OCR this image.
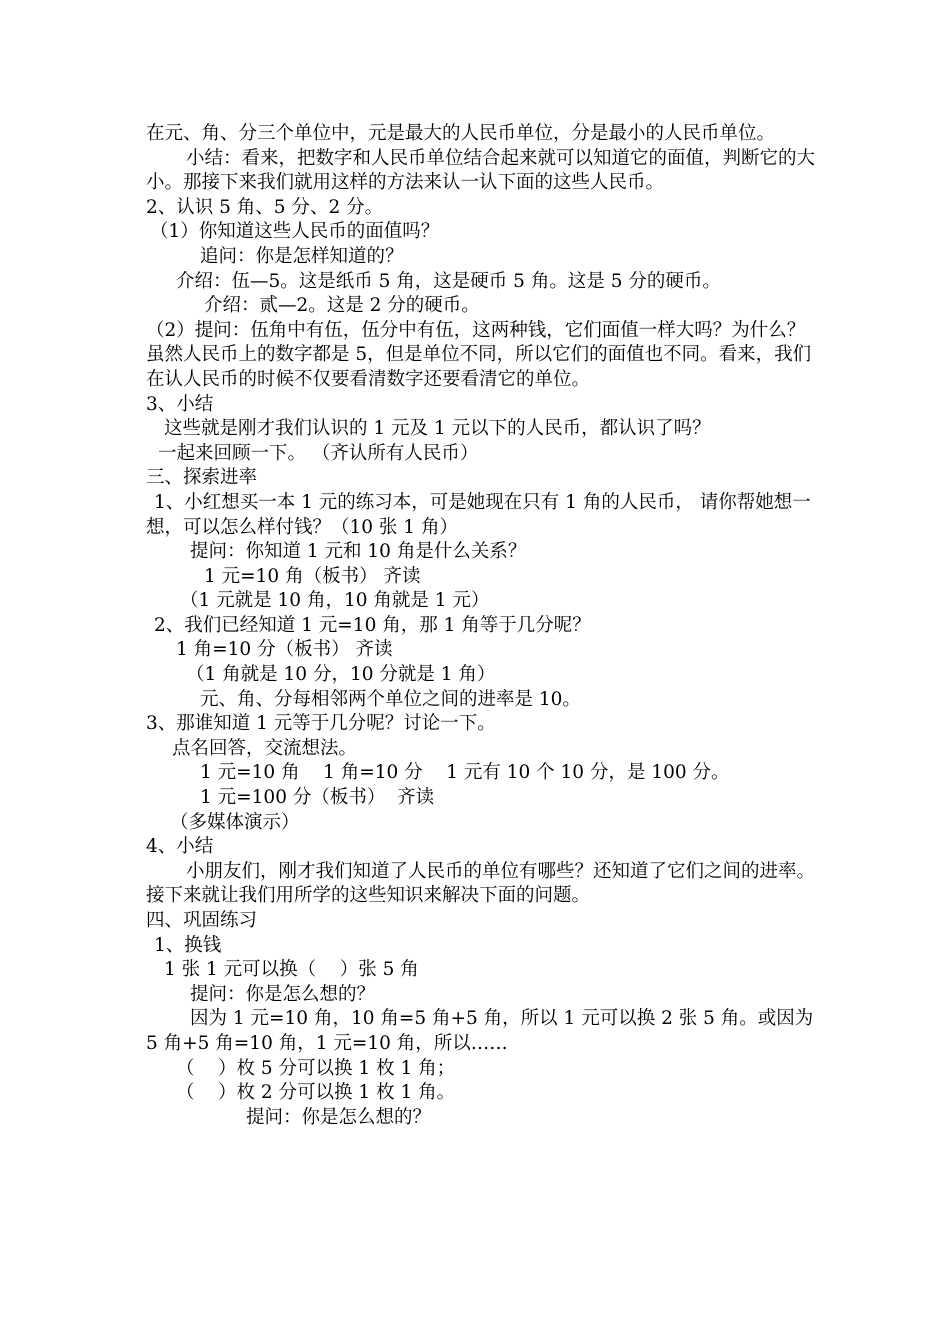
在元、角、分三个单位中，元是最大的人民币单位，分是最小的人民币单位。

小结：看来，把数字和人民币单位结合起来就可以知道它的面值，判断它的大小。那接下来我们就用这样的方法来认一认下面的这些人民币。

2、认识 5 角、5 分、2 分。

（1）你知道这些人民币的面值吗？

追问：你是怎样知道的？

介绍：伍—5。这是纸币 5 角，这是硬币 5 角。这是 5 分的硬币。

介绍：贰—2。这是 2 分的硬币。

（2）提问：伍角中有伍，伍分中有伍，这两种钱，它们面值一样大吗？为什么？虽然人民币上的数字都是 5，但是单位不同，所以它们的面值也不同。看来，我们在认人民币的时候不仅要看清数字还要看清它的单位。

3、小结

这些就是刚才我们认识的 1 元及 1 元以下的人民币，都认识了吗？

一起来回顾一下。 （齐认所有人民币）

三、探索进率

1、小红想买一本 1 元的练习本，可是她现在只有 1 角的人民币， 请你帮她想一想，可以怎么样付钱？（10 张 1 角）

提问：你知道 1 元和 10 角是什么关系？

1 元=10 角（板书） 齐读

（1 元就是 10 角，10 角就是 1 元）

2、我们已经知道 1 元=10 角，那 1 角等于几分呢？

1 角=10 分（板书） 齐读

（1 角就是 10 分，10 分就是 1 角）

元、角、分每相邻两个单位之间的进率是 10。

3、那谁知道 1 元等于几分呢？讨论一下。

点名回答，交流想法。

1 元=10 角    1 角=10 分    1 元有 10 个 10 分，是 100 分。

1 元=100 分（板书）  齐读

（多媒体演示）

4、小结

小朋友们，刚才我们知道了人民币的单位有哪些？还知道了它们之间的进率。接下来就让我们用所学的这些知识来解决下面的问题。

四、巩固练习

1、换钱

1 张 1 元可以换（    ）张 5 角

提问：你是怎么想的？

因为 1 元=10 角，10 角=5 角+5 角，所以 1 元可以换 2 张 5 角。或因为 5 角+5 角=10 角，1 元=10 角，所以……

（    ）枚 5 分可以换 1 枚 1 角；

（    ）枚 2 分可以换 1 枚 1 角。

提问：你是怎么想的？
